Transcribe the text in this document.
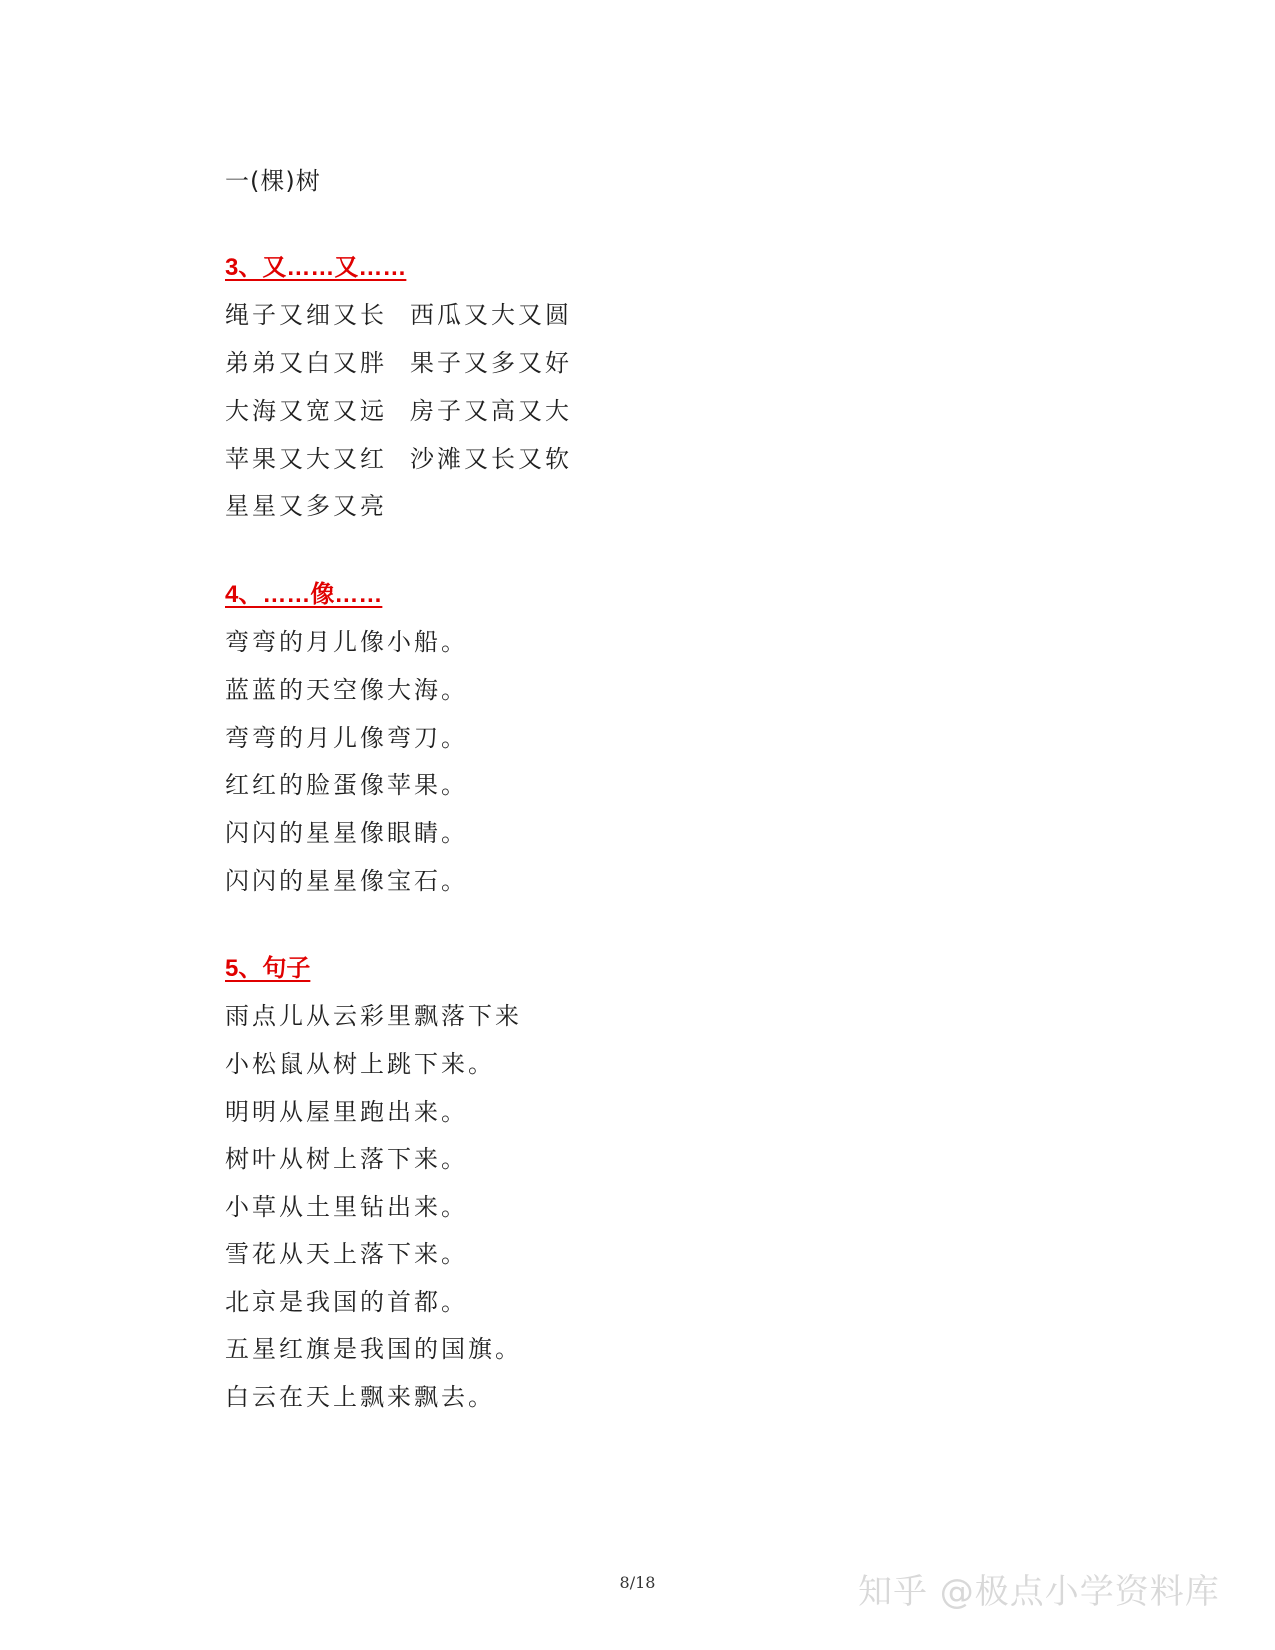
一(棵)树
3、又……又……
绳子又细又长 西瓜又大又圆
弟弟又白又胖 果子又多又好
大海又宽又远 房子又高又大
苹果又大又红 沙滩又长又软
星星又多又亮
4、……像……
弯弯的月儿像小船。
蓝蓝的天空像大海。
弯弯的月儿像弯刀。
红红的脸蛋像苹果。
闪闪的星星像眼睛。
闪闪的星星像宝石。
5、句子
雨点儿从云彩里飘落下来
小松鼠从树上跳下来。
明明从屋里跑出来。
树叶从树上落下来。
小草从土里钻出来。
雪花从天上落下来。
北京是我国的首都。
五星红旗是我国的国旗。
白云在天上飘来飘去。
8/18	知乎 @极点小学资料库
